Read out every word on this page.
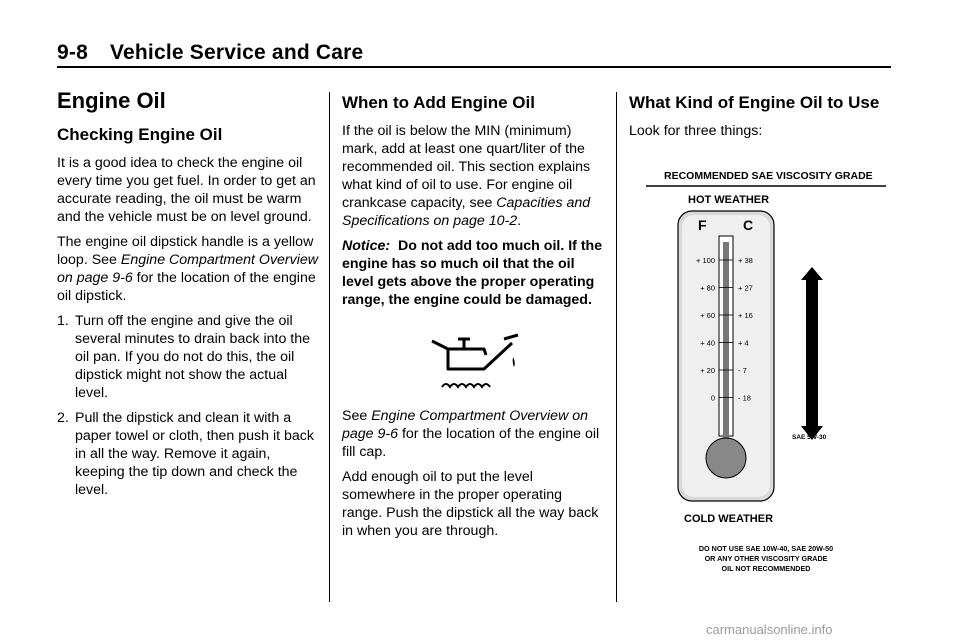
9-8 Vehicle Service and Care
Engine Oil
Checking Engine Oil

It is a good idea to check the engine oil every time you get fuel. In order to get an accurate reading, the oil must be warm and the vehicle must be on level ground.

The engine oil dipstick handle is a yellow loop. See Engine Compartment Overview on page 9-6 for the location of the engine oil dipstick.

1. Turn off the engine and give the oil several minutes to drain back into the oil pan. If you do not do this, the oil dipstick might not show the actual level.
2. Pull the dipstick and clean it with a paper towel or cloth, then push it back in all the way. Remove it again, keeping the tip down and check the level.
When to Add Engine Oil

If the oil is below the MIN (minimum) mark, add at least one quart/liter of the recommended oil. This section explains what kind of oil to use. For engine oil crankcase capacity, see Capacities and Specifications on page 10-2.

Notice: Do not add too much oil. If the engine has so much oil that the oil level gets above the proper operating range, the engine could be damaged.

See Engine Compartment Overview on page 9-6 for the location of the engine oil fill cap.

Add enough oil to put the level somewhere in the proper operating range. Push the dipstick all the way back in when you are through.

What Kind of Engine Oil to Use

Look for three things:

RECOMMENDED SAE VISCOSITY GRADE
HOT WEATHER
F	C
+ 100	+ 38
+ 80	+ 27
+ 60	+ 16
+ 40	+ 4
+ 20	- 7
0	- 18
COLD WEATHER
SAE 5W-30
DO NOT USE SAE 10W-40, SAE 20W-50
OR ANY OTHER VISCOSITY GRADE
OIL NOT RECOMMENDED
carmanualsonline.info
